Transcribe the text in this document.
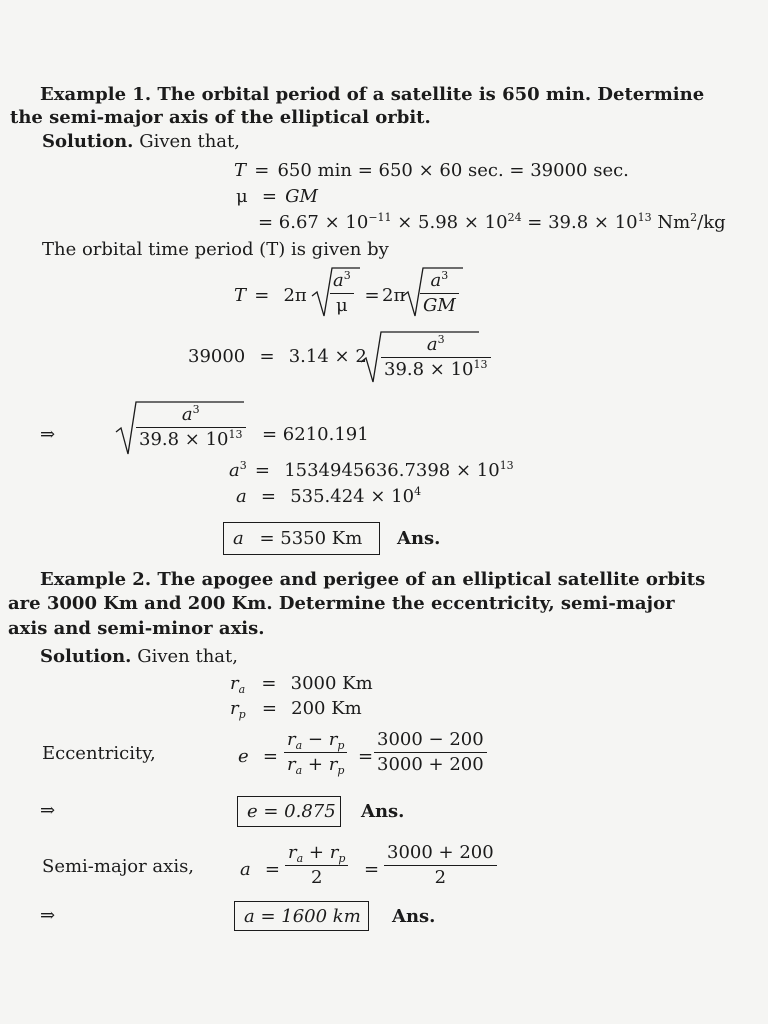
Example 1. The orbital period of a satellite is 650 min. Determine
the semi-major axis of the elliptical orbit.
Solution. Given that,
T = 650 min = 650 × 60 sec. = 39000 sec.
μ = GM
= $6.67 \times 10^{-11} \times 5.98 \times 10^{24} = 39.8 \times 10^{13}$ Nm$^2$/kg
The orbital time period (T) is given by
T = 2π
$a^3$
μ = 2π
$a^3$
GM
39000 = 3.14 × 2
$a^3$
$39.8 \times 10^{13}$
⇒
$a^3$
$39.8 \times 10^{13} = 6210.191$
$a^3 = 1534945636.7398 \times 10^{13}$
$a = 535.424 \times 10^4$
a = 5350 Km	Ans.
Example 2. The apogee and perigee of an elliptical satellite orbits
are 3000 Km and 200 Km. Determine the eccentricity, semi-major
axis and semi-minor axis.
Solution. Given that,
$r_a = 3000$ Km
$r_p = 200$ Km
Eccentricity,	e =
$r_a - r_p$
$r_a + r_p$
=
3000 − 200
3000 + 200
⇒	e = 0.875 Ans.
Semi-major axis,	a =
$r_a + r_p$
2 =
3000 + 200
2
⇒	a = 1600 km	Ans.
